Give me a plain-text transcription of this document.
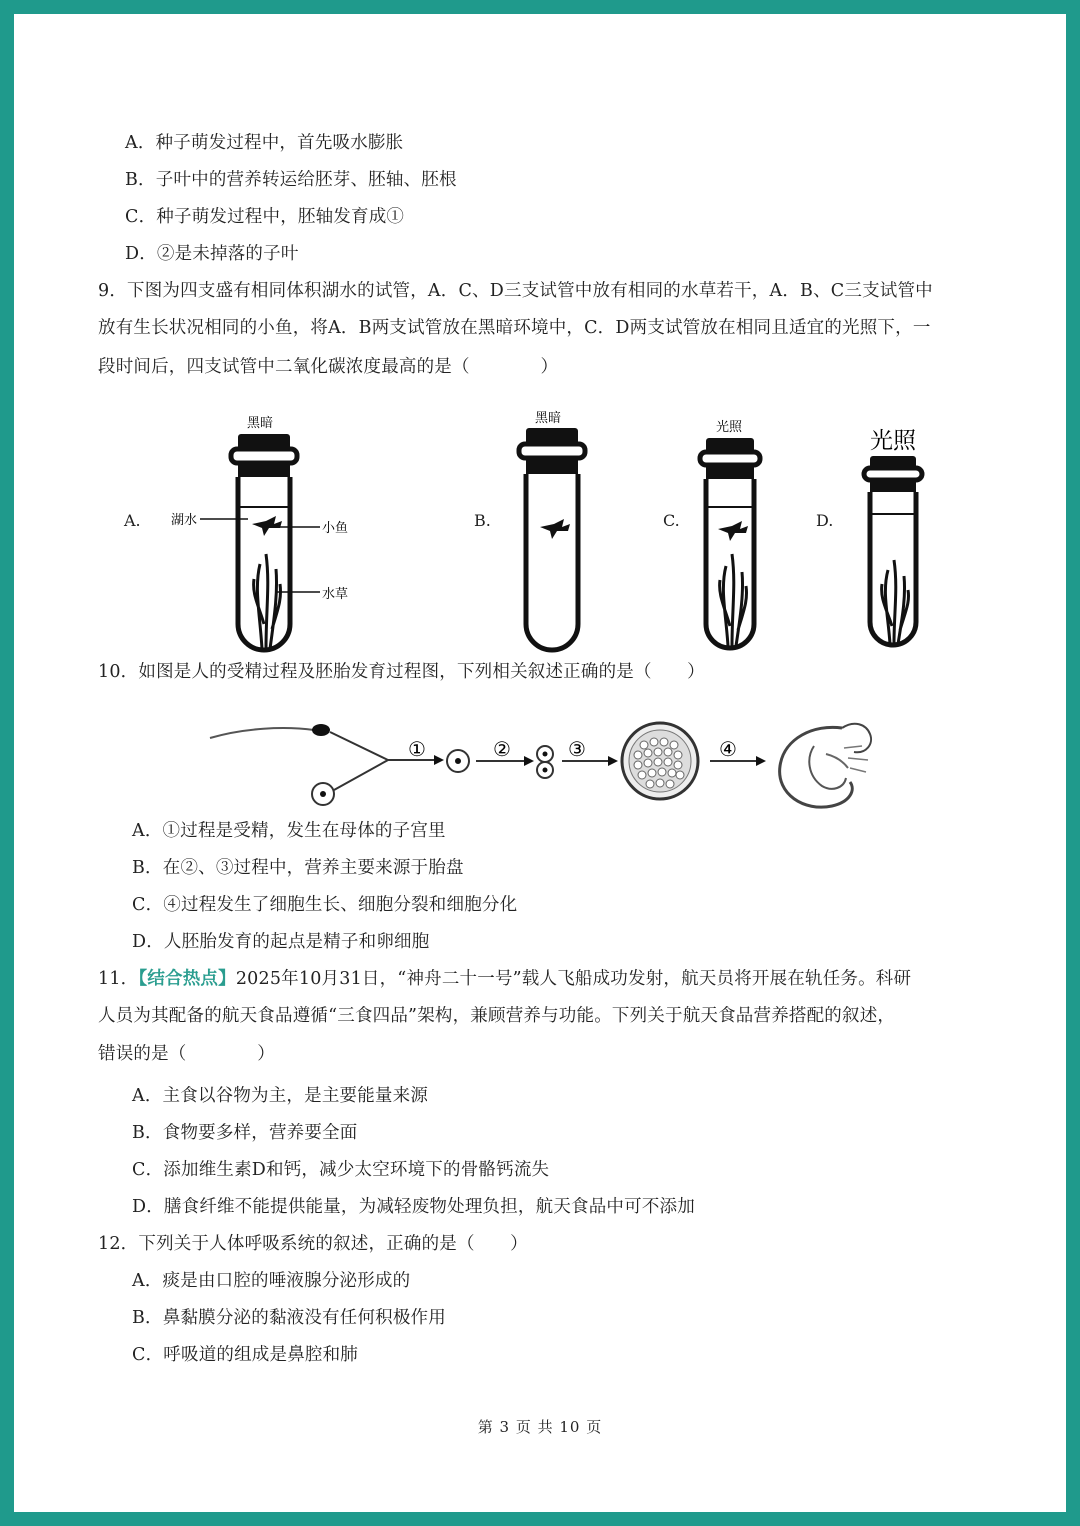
A．种子萌发过程中，首先吸水膨胀
B．子叶中的营养转运给胚芽、胚轴、胚根
C．种子萌发过程中，胚轴发育成①
D．②是未掉落的子叶
9．下图为四支盛有相同体积湖水的试管，A．C、D三支试管中放有相同的水草若干，A．B、C三支试管中
放有生长状况相同的小鱼，将A．B两支试管放在黑暗环境中，C．D两支试管放在相同且适宜的光照下，一
段时间后，四支试管中二氧化碳浓度最高的是（　　　　）
A.	B.	C.	D.
黑暗
湖水
小鱼
水草
黑暗
光照
光照
10．如图是人的受精过程及胚胎发育过程图，下列相关叙述正确的是（　　）
①	②	③	④
A．①过程是受精，发生在母体的子宫里
B．在②、③过程中，营养主要来源于胎盘
C．④过程发生了细胞生长、细胞分裂和细胞分化
D．人胚胎发育的起点是精子和卵细胞
11．【结合热点】2025年10月31日，“神舟二十一号”载人飞船成功发射，航天员将开展在轨任务。科研
人员为其配备的航天食品遵循“三食四品”架构，兼顾营养与功能。下列关于航天食品营养搭配的叙述，
错误的是（　　　　）
A．主食以谷物为主，是主要能量来源
B．食物要多样，营养要全面
C．添加维生素D和钙，减少太空环境下的骨骼钙流失
D．膳食纤维不能提供能量，为减轻废物处理负担，航天食品中可不添加
12．下列关于人体呼吸系统的叙述，正确的是（　　）
A．痰是由口腔的唾液腺分泌形成的
B．鼻黏膜分泌的黏液没有任何积极作用
C．呼吸道的组成是鼻腔和肺
第 3 页 共 10 页
